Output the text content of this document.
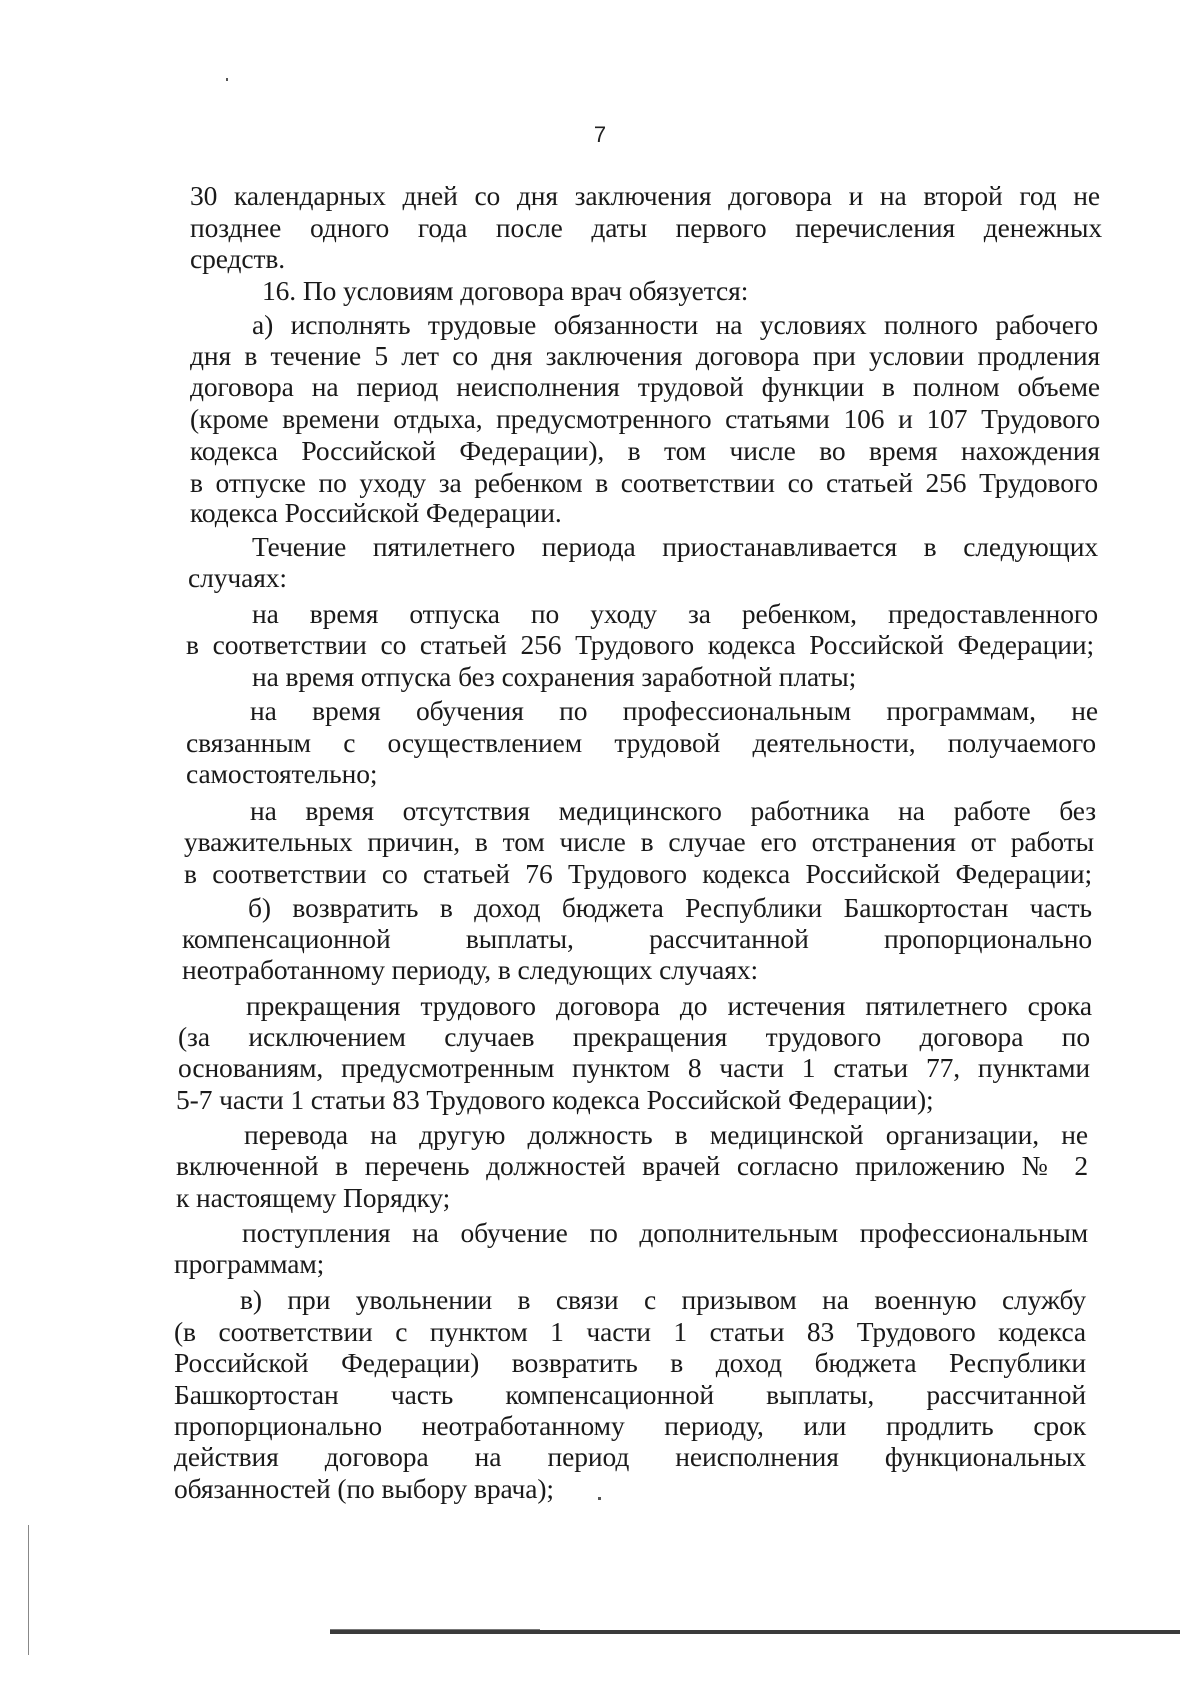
7
30 календарных дней со дня заключения договора и на второй год не
позднее одного года после даты первого перечисления денежных
средств.
16. По условиям договора врач обязуется:
а) исполнять трудовые обязанности на условиях полного рабочего
дня в течение 5 лет со дня заключения договора при условии продления
договора на период неисполнения трудовой функции в полном объеме
(кроме времени отдыха, предусмотренного статьями 106 и 107 Трудового
кодекса Российской Федерации), в том числе во время нахождения
в отпуске по уходу за ребенком в соответствии со статьей 256 Трудового
кодекса Российской Федерации.
Течение пятилетнего периода приостанавливается в следующих
случаях:
на время отпуска по уходу за ребенком, предоставленного
в соответствии со статьей 256 Трудового кодекса Российской Федерации;
на время отпуска без сохранения заработной платы;
на время обучения по профессиональным программам, не
связанным с осуществлением трудовой деятельности, получаемого
самостоятельно;
на время отсутствия медицинского работника на работе без
уважительных причин, в том числе в случае его отстранения от работы
в соответствии со статьей 76 Трудового кодекса Российской Федерации;
б) возвратить в доход бюджета Республики Башкортостан часть
компенсационной выплаты, рассчитанной пропорционально
неотработанному периоду, в следующих случаях:
прекращения трудового договора до истечения пятилетнего срока
(за исключением случаев прекращения трудового договора по
основаниям, предусмотренным пунктом 8 части 1 статьи 77, пунктами
5-7 части 1 статьи 83 Трудового кодекса Российской Федерации);
перевода на другую должность в медицинской организации, не
включенной в перечень должностей врачей согласно приложению № 2
к настоящему Порядку;
поступления на обучение по дополнительным профессиональным
программам;
в) при увольнении в связи с призывом на военную службу
(в соответствии с пунктом 1 части 1 статьи 83 Трудового кодекса
Российской Федерации) возвратить в доход бюджета Республики
Башкортостан часть компенсационной выплаты, рассчитанной
пропорционально неотработанному периоду, или продлить срок
действия договора на период неисполнения функциональных
обязанностей (по выбору врача);
